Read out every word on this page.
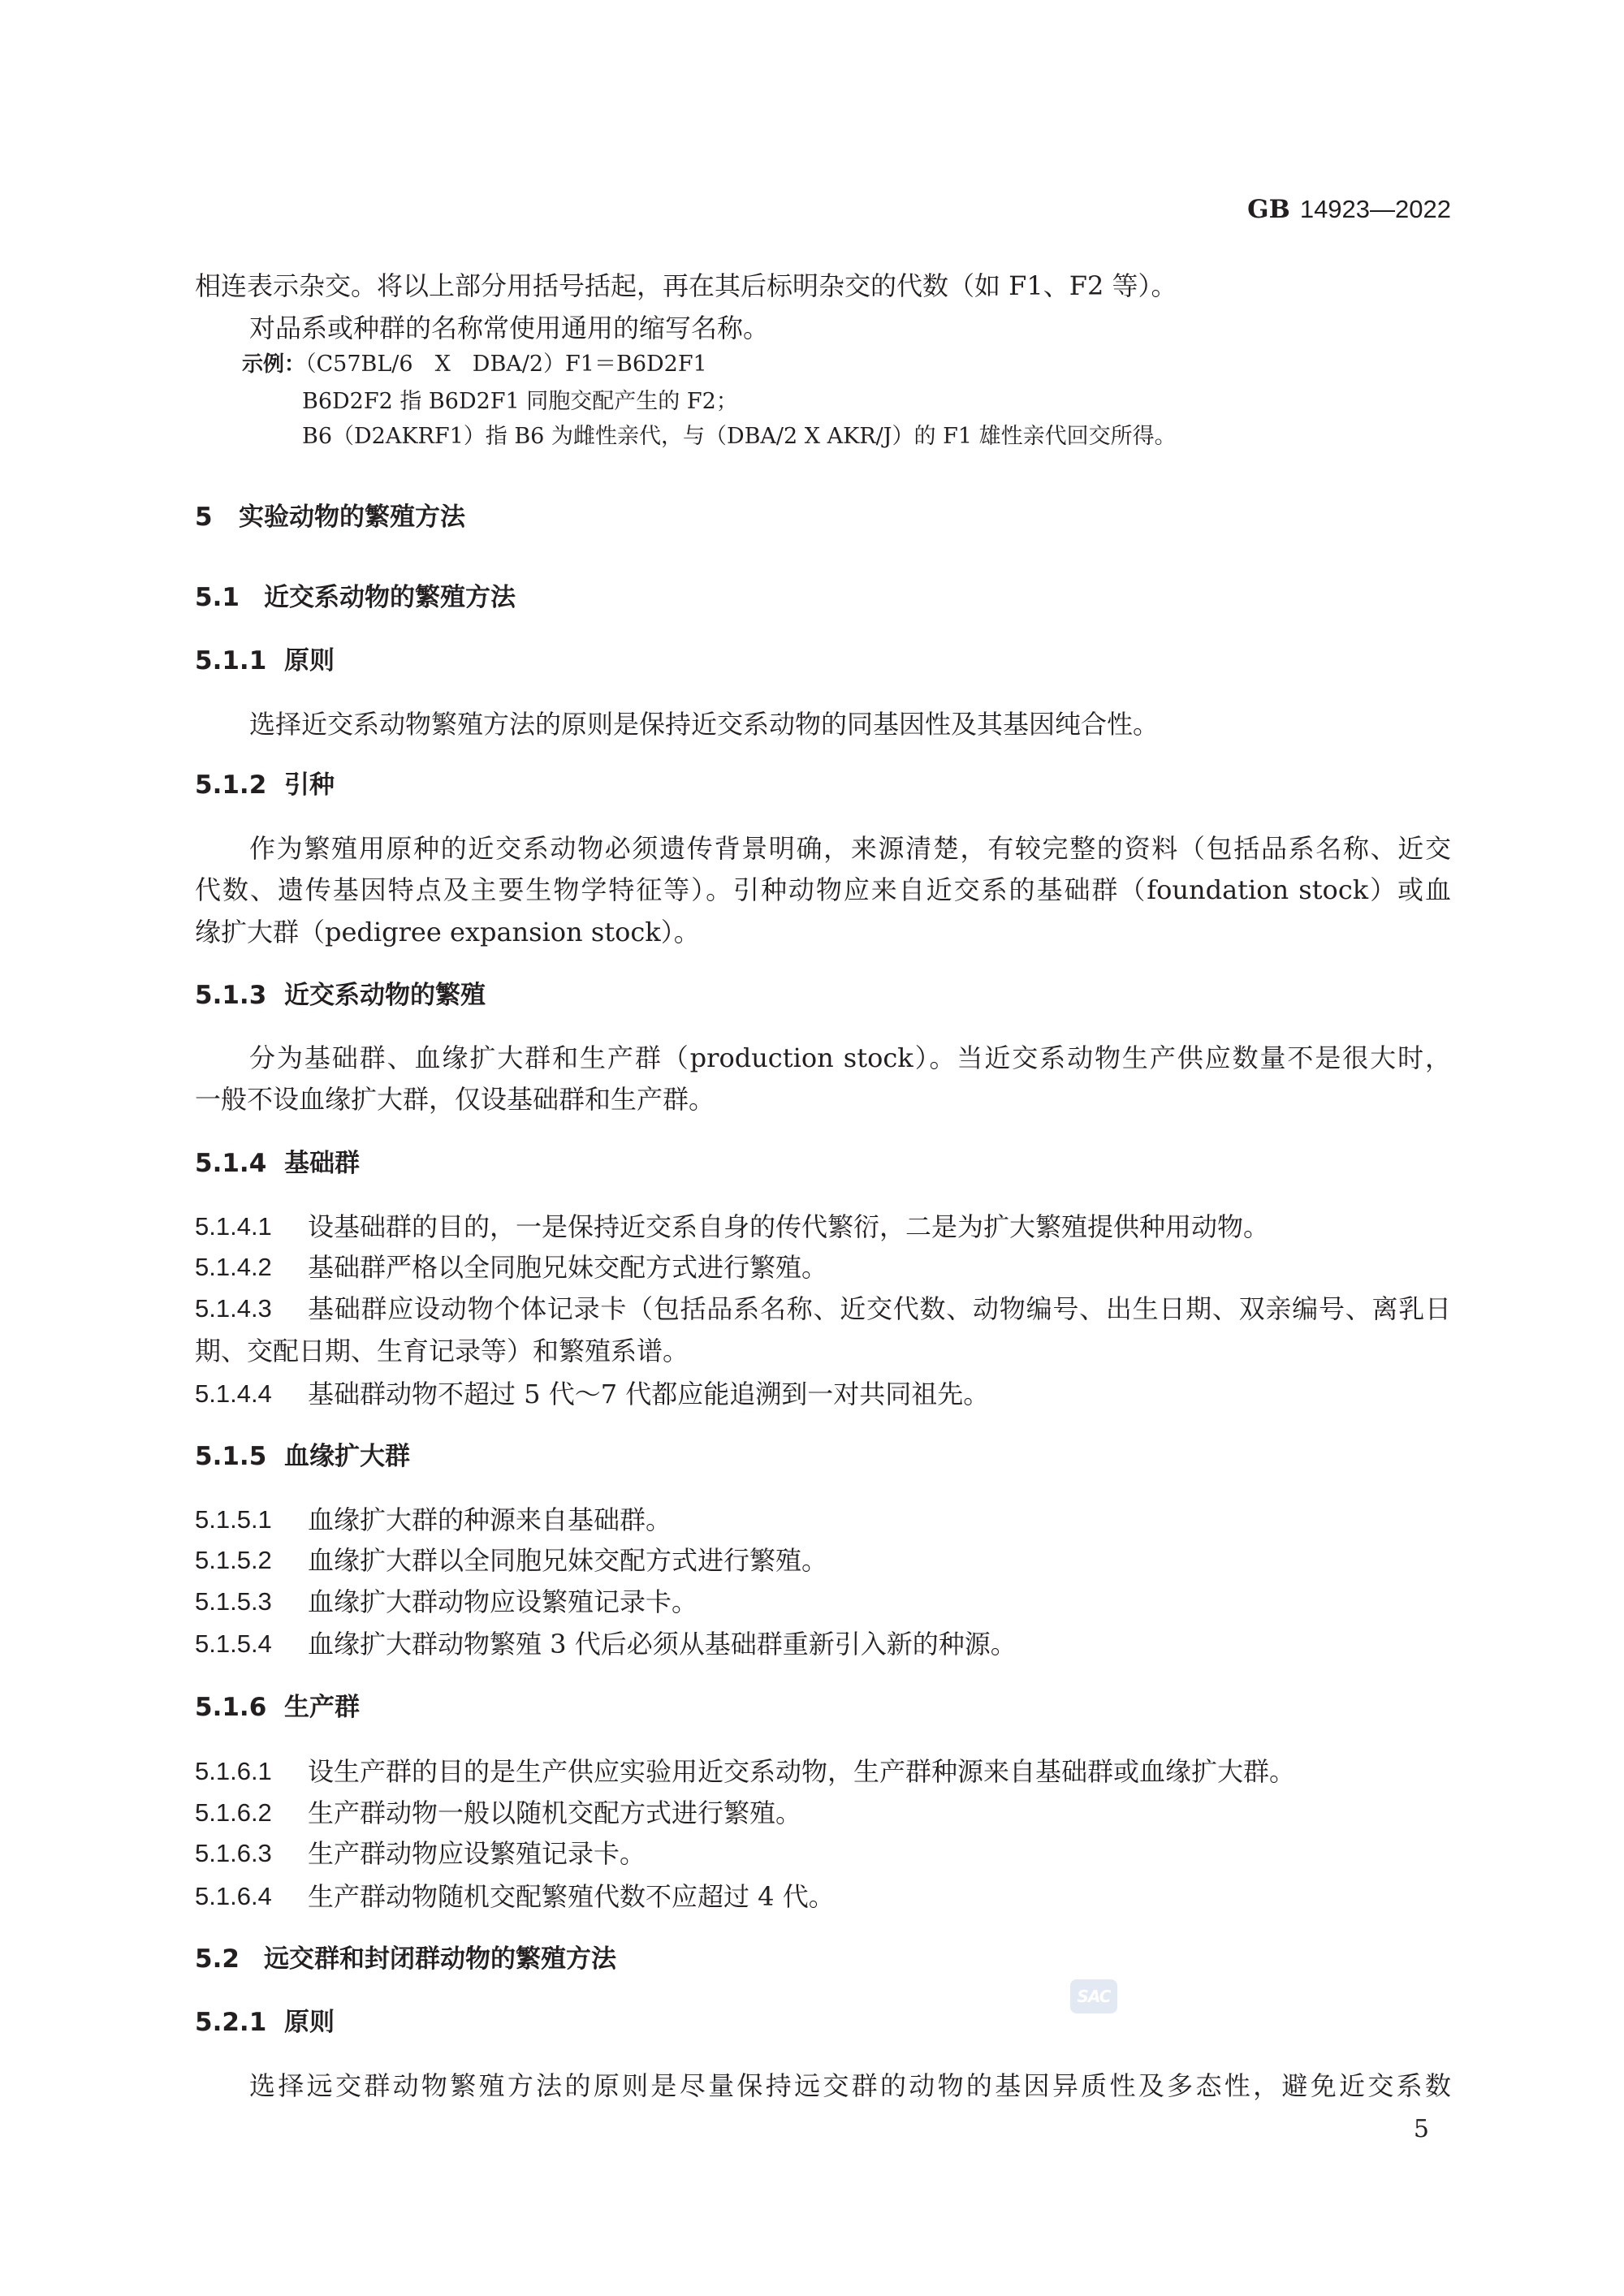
GB 14923—2022
相连表示杂交。将以上部分用括号括起，再在其后标明杂交的代数（如 F1、F2 等）。
对品系或种群的名称常使用通用的缩写名称。
示例：（C57BL/6　X　DBA/2）F1＝B6D2F1
B6D2F2 指 B6D2F1 同胞交配产生的 F2；
B6（D2AKRF1）指 B6 为雌性亲代，与（DBA/2 X AKR/J）的 F1 雄性亲代回交所得。
5 实验动物的繁殖方法
5.1 近交系动物的繁殖方法
5.1.1 原则
选择近交系动物繁殖方法的原则是保持近交系动物的同基因性及其基因纯合性。
5.1.2 引种
作为繁殖用原种的近交系动物必须遗传背景明确，来源清楚，有较完整的资料（包括品系名称、近交
代数、遗传基因特点及主要生物学特征等）。引种动物应来自近交系的基础群（foundation stock）或血
缘扩大群（pedigree expansion stock）。
5.1.3 近交系动物的繁殖
分为基础群、血缘扩大群和生产群（production stock）。当近交系动物生产供应数量不是很大时，
一般不设血缘扩大群，仅设基础群和生产群。
5.1.4 基础群
5.1.4.1 设基础群的目的，一是保持近交系自身的传代繁衍，二是为扩大繁殖提供种用动物。
5.1.4.2 基础群严格以全同胞兄妹交配方式进行繁殖。
5.1.4.3 基础群应设动物个体记录卡（包括品系名称、近交代数、动物编号、出生日期、双亲编号、离乳日
期、交配日期、生育记录等）和繁殖系谱。
5.1.4.4 基础群动物不超过 5 代～7 代都应能追溯到一对共同祖先。
5.1.5 血缘扩大群
5.1.5.1 血缘扩大群的种源来自基础群。
5.1.5.2 血缘扩大群以全同胞兄妹交配方式进行繁殖。
5.1.5.3 血缘扩大群动物应设繁殖记录卡。
5.1.5.4 血缘扩大群动物繁殖 3 代后必须从基础群重新引入新的种源。
5.1.6 生产群
5.1.6.1 设生产群的目的是生产供应实验用近交系动物，生产群种源来自基础群或血缘扩大群。
5.1.6.2 生产群动物一般以随机交配方式进行繁殖。
5.1.6.3 生产群动物应设繁殖记录卡。
5.1.6.4 生产群动物随机交配繁殖代数不应超过 4 代。
5.2 远交群和封闭群动物的繁殖方法
SAC
5.2.1 原则
选择远交群动物繁殖方法的原则是尽量保持远交群的动物的基因异质性及多态性，避免近交系数
5
